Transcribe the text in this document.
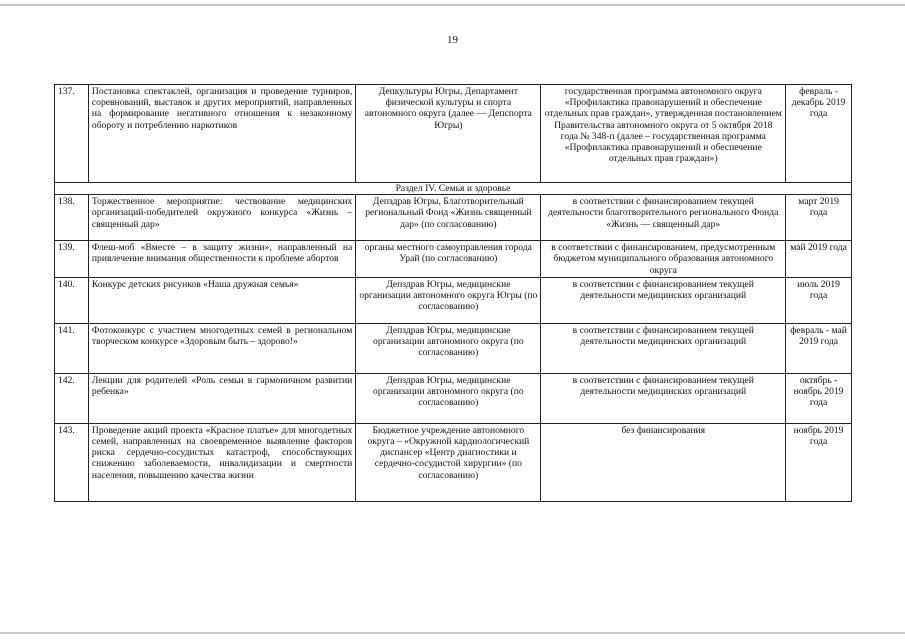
19
137.	Постановка спектаклей, организация и проведение турниров, соревнований, выставок и других мероприятий, направленных на формирование негативного отношения к незаконному обороту и потреблению наркотиков	Депкультуры Югры, Департамент физической культуры и спорта автономного округа (далее — Депспорта Югры)	государственная программа автономного округа «Профилактика правонарушений и обеспечение отдельных прав граждан», утвержденная постановлением Правительства автономного округа от 5 октября 2018 года № 348-п (далее – государственная программа «Профилактика правонарушений и обеспечение отдельных прав граждан»)	февраль - декабрь 2019 года
Раздел IV. Семья и здоровье				
138.	Торжественное мероприятие: чествование медицинских организаций-победителей окружного конкурса «Жизнь – священный дар»	Депздрав Югры, Благотворительный региональный Фонд «Жизнь священный дар» (по согласованию)	в соответствии с финансированием текущей деятельности благотворительного регионального Фонда «Жизнь — священный дар»	март 2019 года
139.	Флеш-моб «Вместе – в защиту жизни», направленный на привлечение внимания общественности к проблеме абортов	органы местного самоуправления города Урай (по согласованию)	в соответствии с финансированием, предусмотренным бюджетом муниципального образования автономного округа	май 2019 года
140.	Конкурс детских рисунков «Наша дружная семья»	Депздрав Югры, медицинские организации автономного округа Югры (по согласованию)	в соответствии с финансированием текущей деятельности медицинских организаций	июль 2019 года
141.	Фотоконкурс с участием многодетных семей в региональном творческом конкурсе «Здоровым быть – здорово!»	Депздрав Югры, медицинские организации автономного округа (по согласованию)	в соответствии с финансированием текущей деятельности медицинских организаций	февраль - май 2019 года
142.	Лекции для родителей «Роль семьи в гармоничном развитии ребенка»	Депздрав Югры, медицинские организации автономного округа (по согласованию)	в соответствии с финансированием текущей деятельности медицинских организаций	октябрь - ноябрь 2019 года
143.	Проведение акций проекта «Красное платье» для многодетных семей, направленных на своевременное выявление факторов риска сердечно-сосудистых катастроф, способствующих снижению заболеваемости, инвалидизации и смертности населения, повышению качества жизни	Бюджетное учреждение автономного округа – «Окружной кардиологический диспансер «Центр диагностики и сердечно-сосудистой хирургии» (по согласованию)	без финансирования	ноябрь 2019 года
